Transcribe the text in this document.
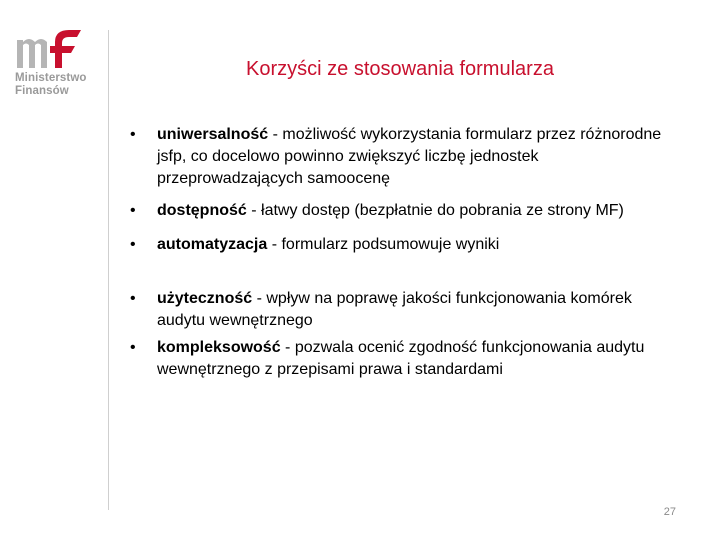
Ministerstwo
Finansów
Korzyści ze stosowania formularza
• uniwersalność - możliwość wykorzystania formularz przez różnorodne jsfp, co docelowo powinno zwiększyć liczbę jednostek przeprowadzających samoocenę
• dostępność - łatwy dostęp (bezpłatnie do pobrania ze strony MF)
• automatyzacja - formularz podsumowuje wyniki
• użyteczność - wpływ na poprawę jakości funkcjonowania komórek audytu wewnętrznego
• kompleksowość - pozwala ocenić zgodność funkcjonowania audytu wewnętrznego z przepisami prawa i standardami
27
